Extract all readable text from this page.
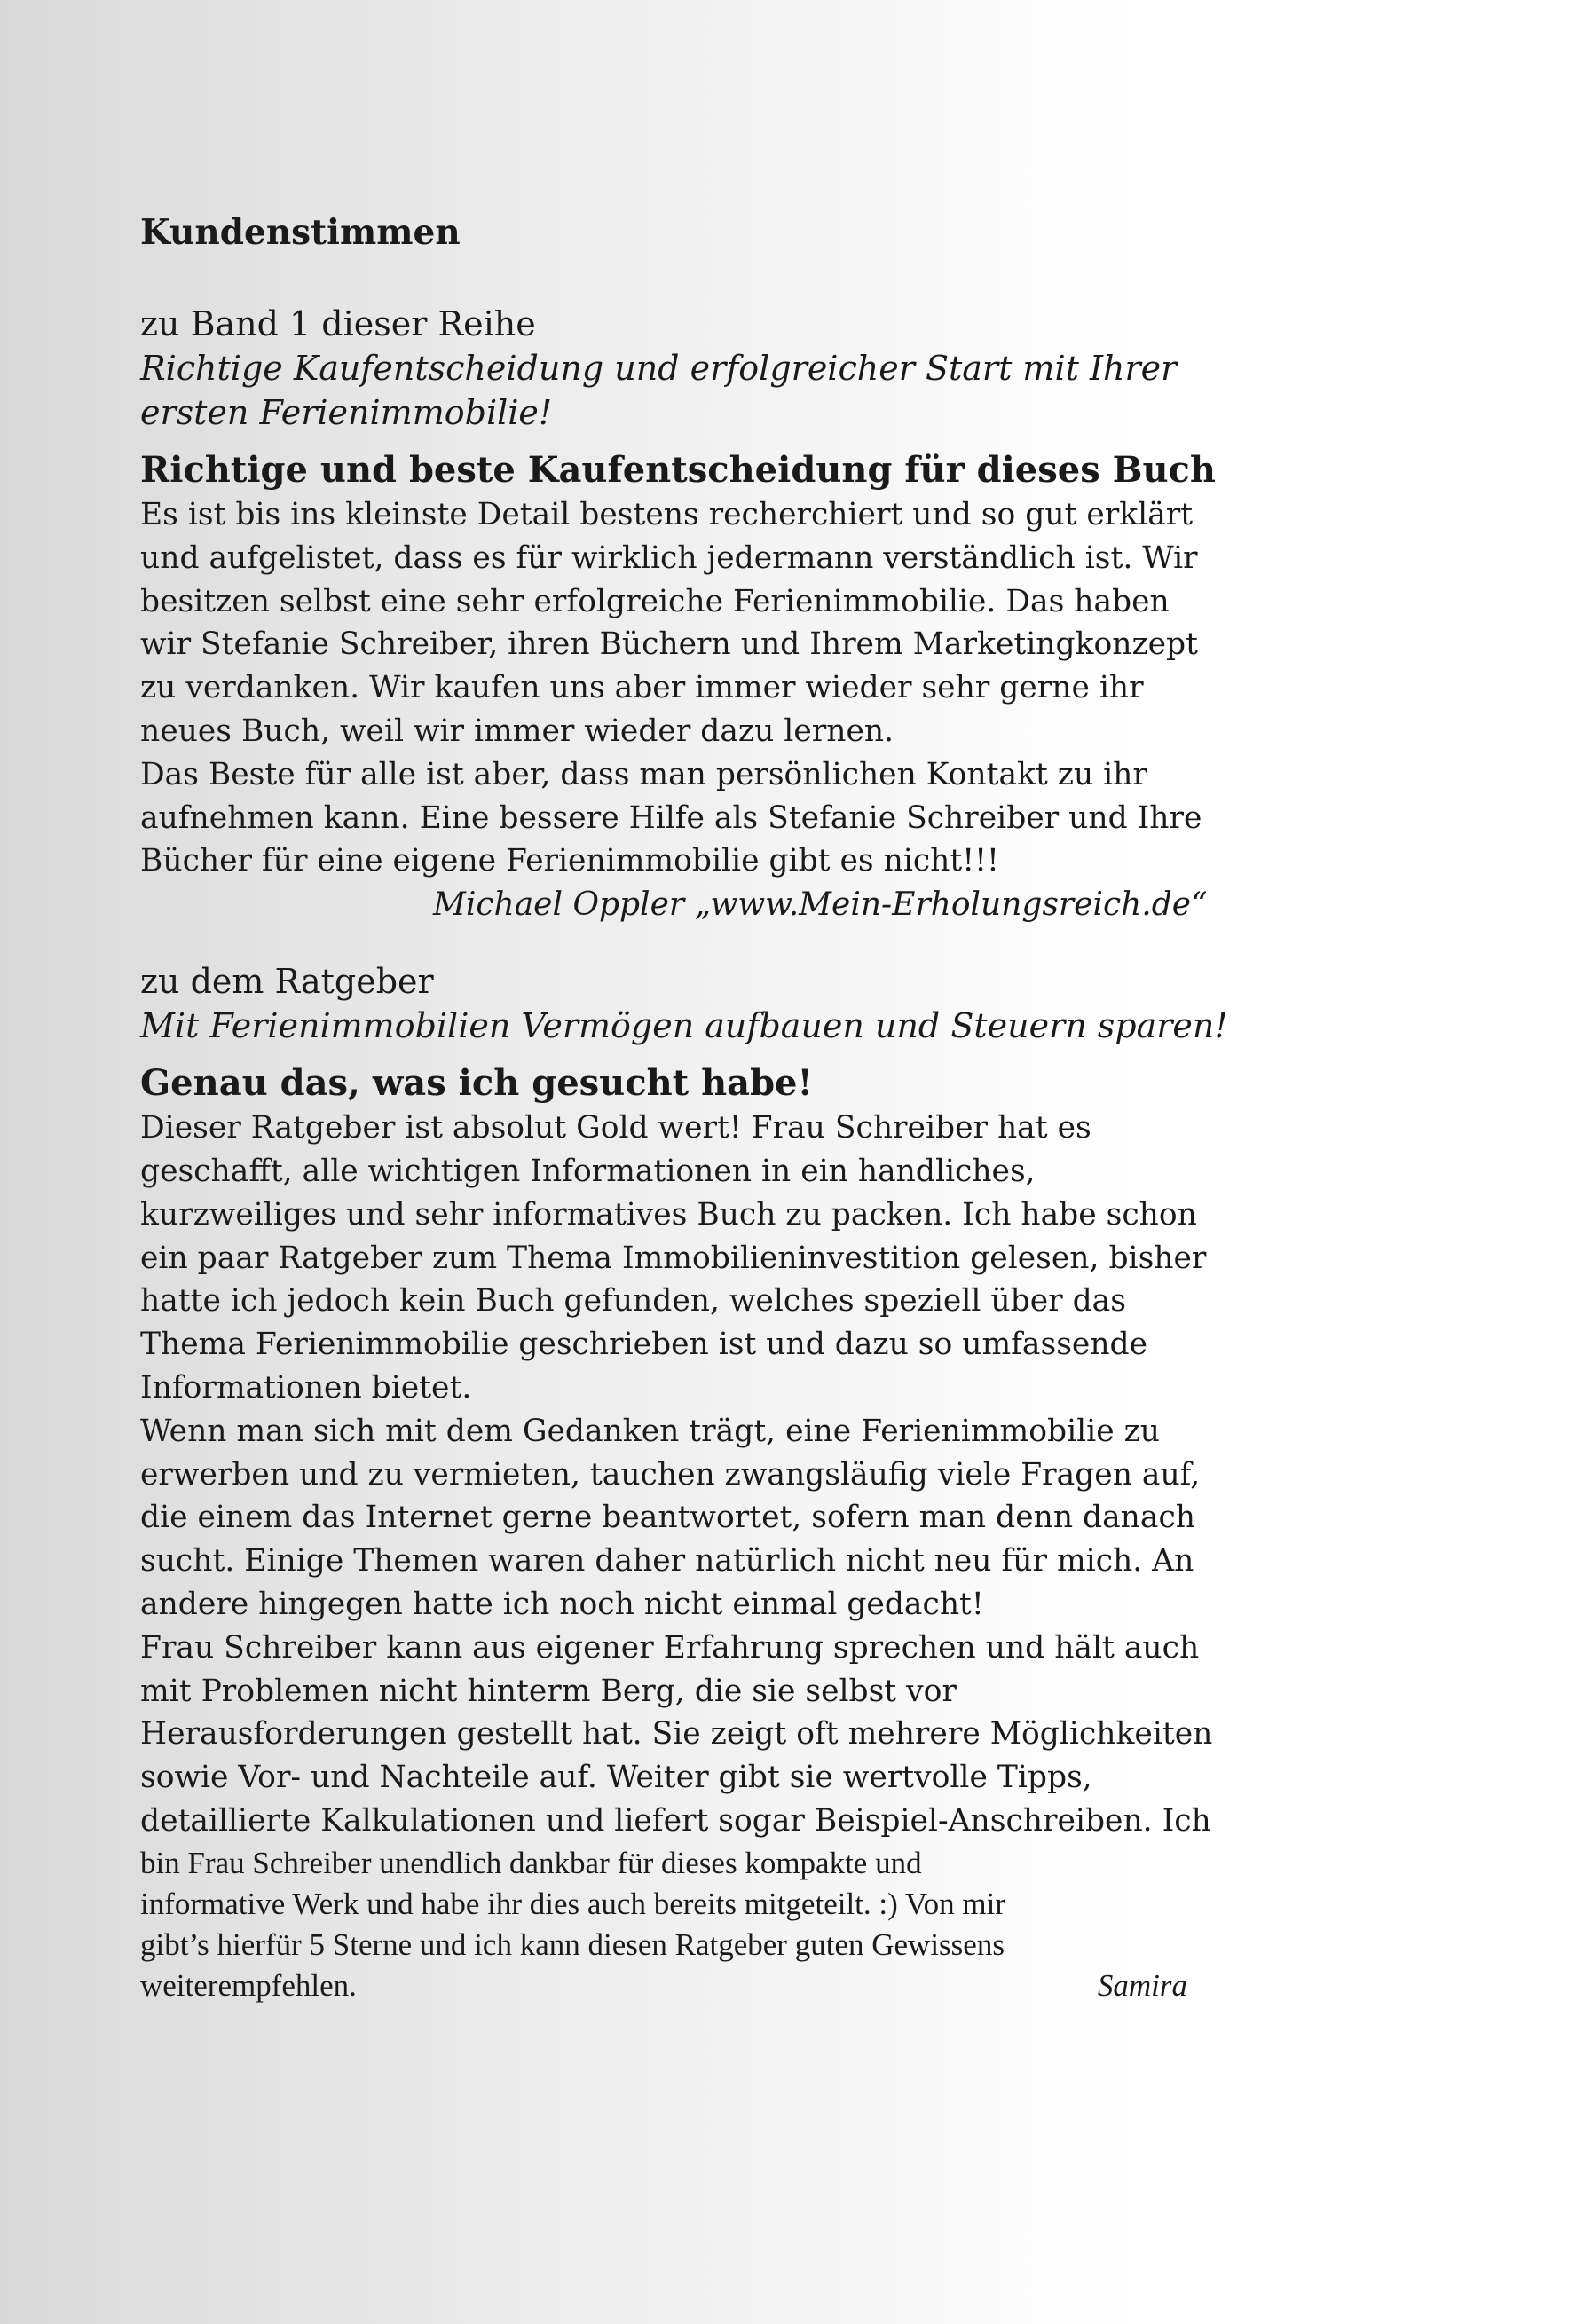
Kundenstimmen

zu Band 1 dieser Reihe

Richtige Kaufentscheidung und erfolgreicher Start mit Ihrer

ersten Ferienimmobilie!

Richtige und beste Kaufentscheidung für dieses Buch

Es ist bis ins kleinste Detail bestens recherchiert und so gut erklärt

und aufgelistet, dass es für wirklich jedermann verständlich ist. Wir

besitzen selbst eine sehr erfolgreiche Ferienimmobilie. Das haben

wir Stefanie Schreiber, ihren Büchern und Ihrem Marketingkonzept

zu verdanken. Wir kaufen uns aber immer wieder sehr gerne ihr

neues Buch, weil wir immer wieder dazu lernen.

Das Beste für alle ist aber, dass man persönlichen Kontakt zu ihr

aufnehmen kann. Eine bessere Hilfe als Stefanie Schreiber und Ihre

Bücher für eine eigene Ferienimmobilie gibt es nicht!!!

Michael Oppler „www.Mein-Erholungsreich.de“

zu dem Ratgeber

Mit Ferienimmobilien Vermögen aufbauen und Steuern sparen!

Genau das, was ich gesucht habe!

Dieser Ratgeber ist absolut Gold wert! Frau Schreiber hat es

geschafft, alle wichtigen Informationen in ein handliches,

kurzweiliges und sehr informatives Buch zu packen. Ich habe schon

ein paar Ratgeber zum Thema Immobilieninvestition gelesen, bisher

hatte ich jedoch kein Buch gefunden, welches speziell über das

Thema Ferienimmobilie geschrieben ist und dazu so umfassende

Informationen bietet.

Wenn man sich mit dem Gedanken trägt, eine Ferienimmobilie zu

erwerben und zu vermieten, tauchen zwangsläufig viele Fragen auf,

die einem das Internet gerne beantwortet, sofern man denn danach

sucht. Einige Themen waren daher natürlich nicht neu für mich. An

andere hingegen hatte ich noch nicht einmal gedacht!

Frau Schreiber kann aus eigener Erfahrung sprechen und hält auch

mit Problemen nicht hinterm Berg, die sie selbst vor

Herausforderungen gestellt hat. Sie zeigt oft mehrere Möglichkeiten

sowie Vor- und Nachteile auf. Weiter gibt sie wertvolle Tipps,

detaillierte Kalkulationen und liefert sogar Beispiel-Anschreiben. Ich

bin Frau Schreiber unendlich dankbar für dieses kompakte und

informative Werk und habe ihr dies auch bereits mitgeteilt. :) Von mir

gibt’s hierfür 5 Sterne und ich kann diesen Ratgeber guten Gewissens

weiterempfehlen.	Samira
